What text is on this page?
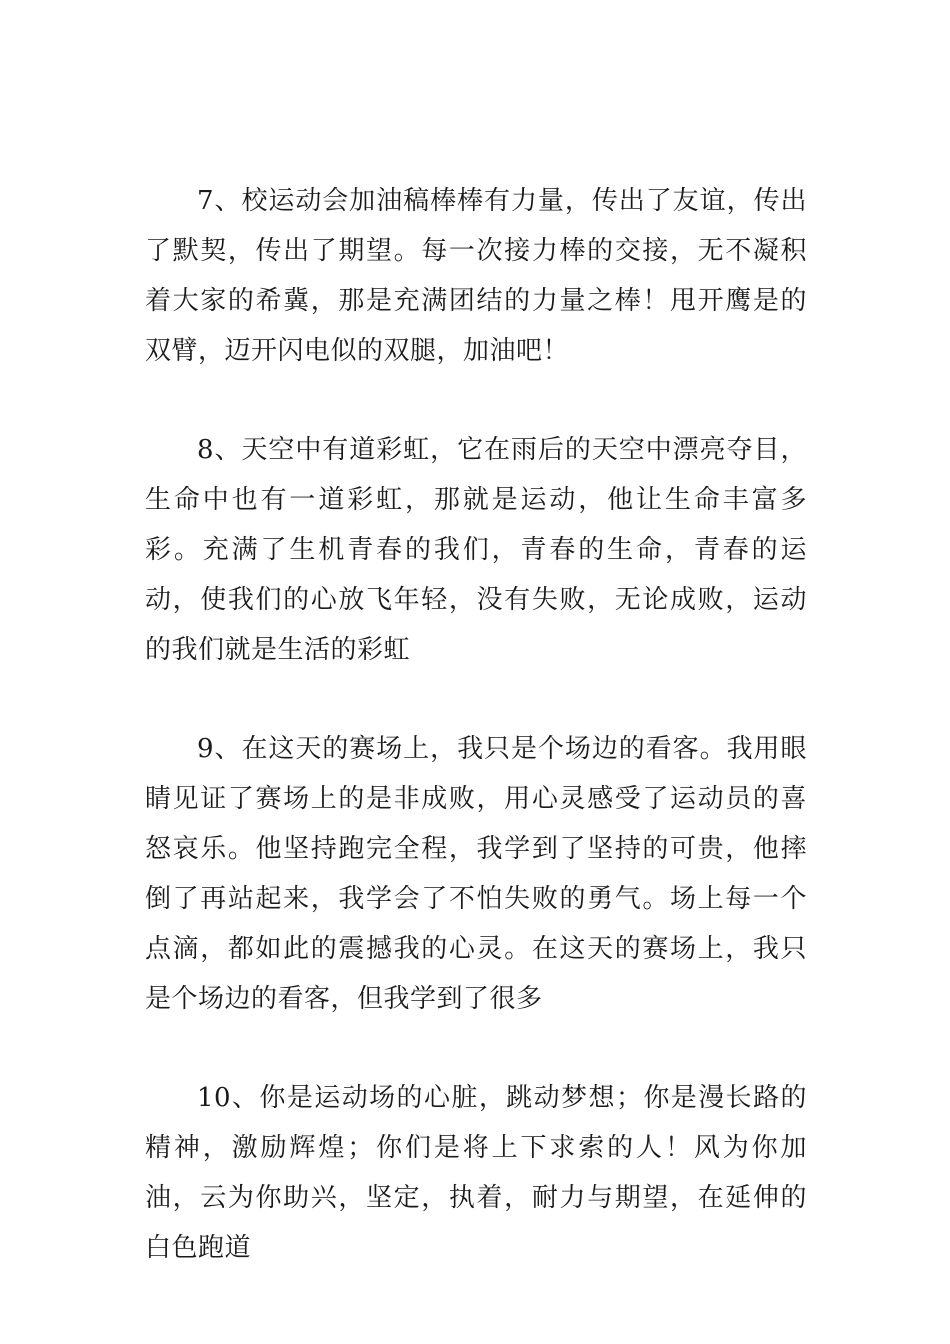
7、校运动会加油稿棒棒有力量，传出了友谊，传出了默契，传出了期望。每一次接力棒的交接，无不凝积着大家的希冀，那是充满团结的力量之棒！甩开鹰是的双臂，迈开闪电似的双腿，加油吧！

8、天空中有道彩虹，它在雨后的天空中漂亮夺目，生命中也有一道彩虹，那就是运动，他让生命丰富多彩。充满了生机青春的我们，青春的生命，青春的运动，使我们的心放飞年轻，没有失败，无论成败，运动的我们就是生活的彩虹

9、在这天的赛场上，我只是个场边的看客。我用眼睛见证了赛场上的是非成败，用心灵感受了运动员的喜怒哀乐。他坚持跑完全程，我学到了坚持的可贵，他摔倒了再站起来，我学会了不怕失败的勇气。场上每一个点滴，都如此的震撼我的心灵。在这天的赛场上，我只是个场边的看客，但我学到了很多

10、你是运动场的心脏，跳动梦想；你是漫长路的精神，激励辉煌；你们是将上下求索的人！风为你加油，云为你助兴，坚定，执着，耐力与期望，在延伸的白色跑道
